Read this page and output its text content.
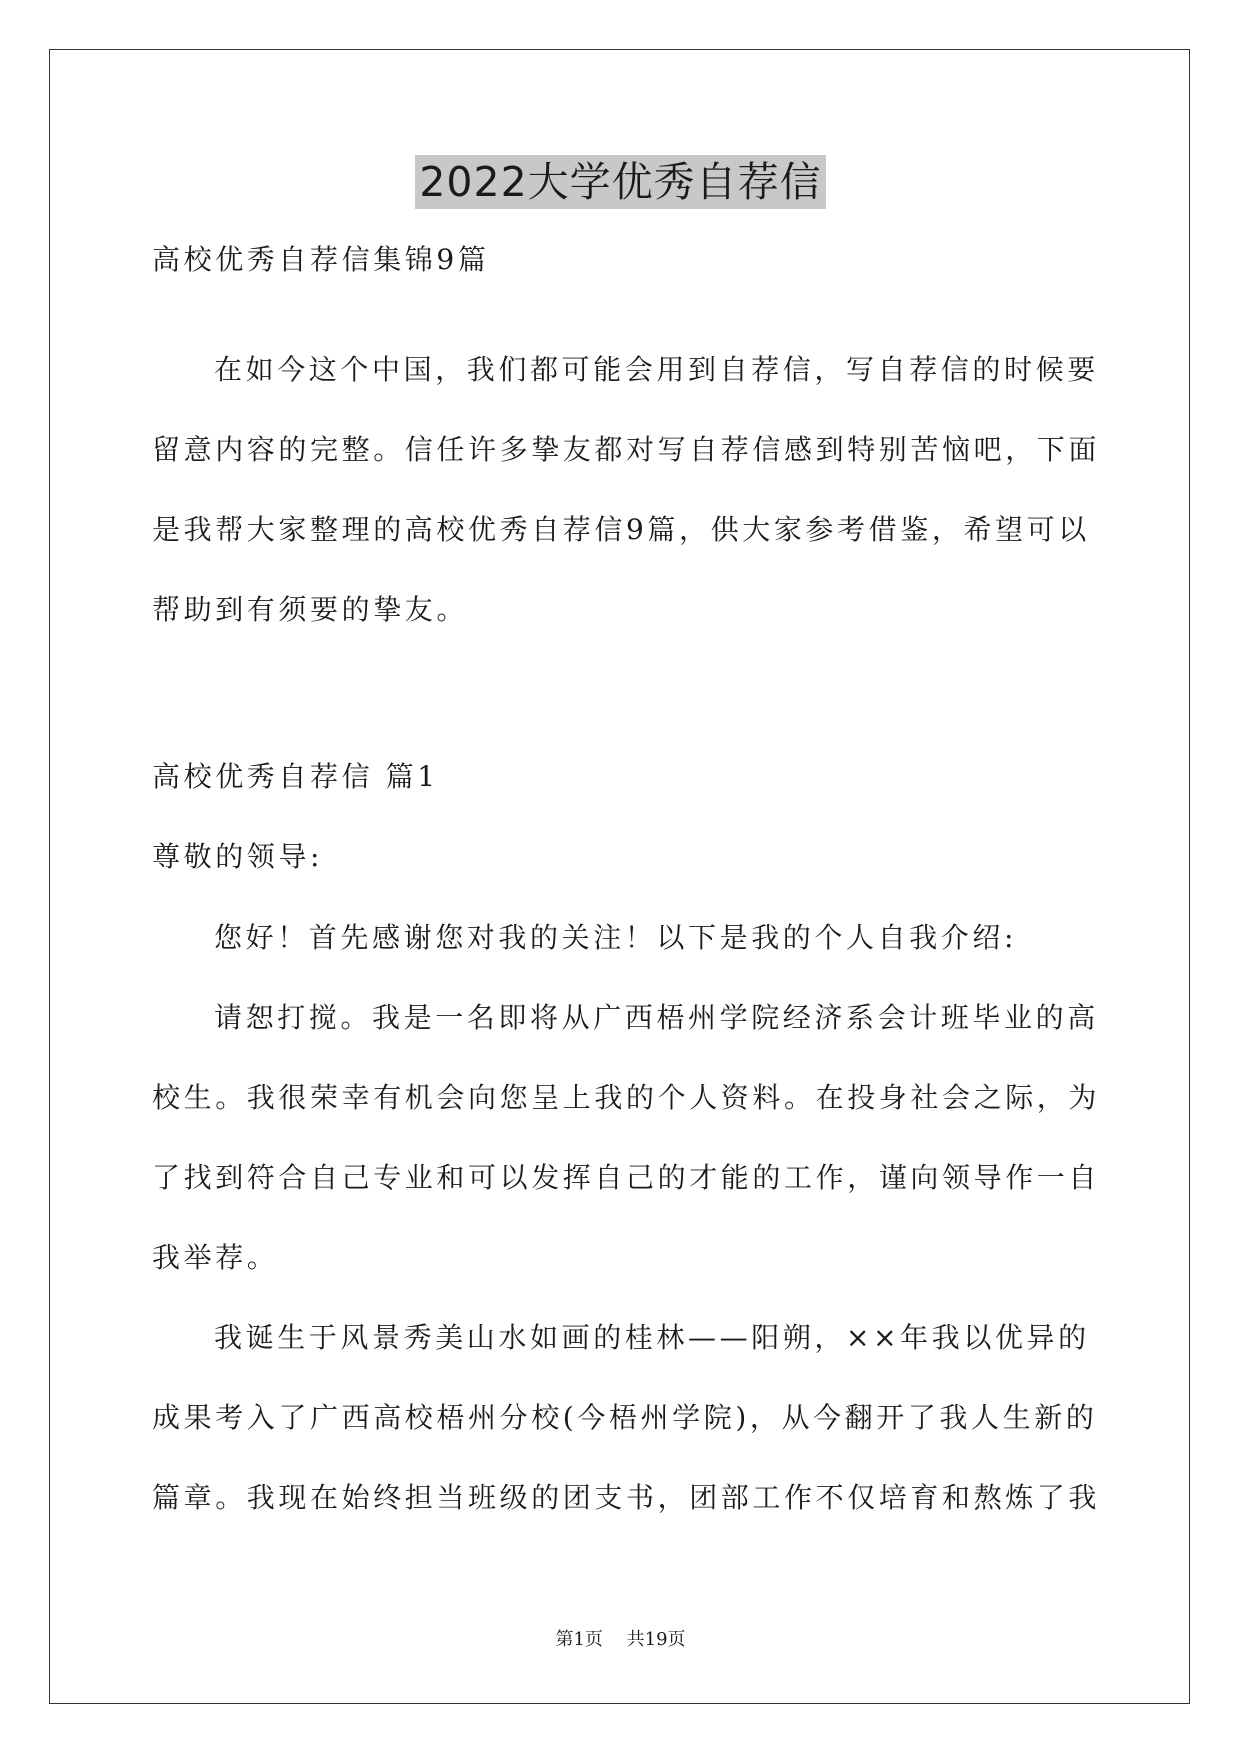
2022大学优秀自荐信
高校优秀自荐信集锦9篇
在如今这个中国，我们都可能会用到自荐信，写自荐信的时候要
留意内容的完整。信任许多挚友都对写自荐信感到特别苦恼吧，下面
是我帮大家整理的高校优秀自荐信9篇，供大家参考借鉴，希望可以
帮助到有须要的挚友。
高校优秀自荐信 篇1
尊敬的领导:
您好！首先感谢您对我的关注！以下是我的个人自我介绍:
请恕打搅。我是一名即将从广西梧州学院经济系会计班毕业的高
校生。我很荣幸有机会向您呈上我的个人资料。在投身社会之际，为
了找到符合自己专业和可以发挥自己的才能的工作，谨向领导作一自
我举荐。
我诞生于风景秀美山水如画的桂林——阳朔，××年我以优异的
成果考入了广西高校梧州分校(今梧州学院)，从今翻开了我人生新的
篇章。我现在始终担当班级的团支书，团部工作不仅培育和熬炼了我
第1页 共19页
